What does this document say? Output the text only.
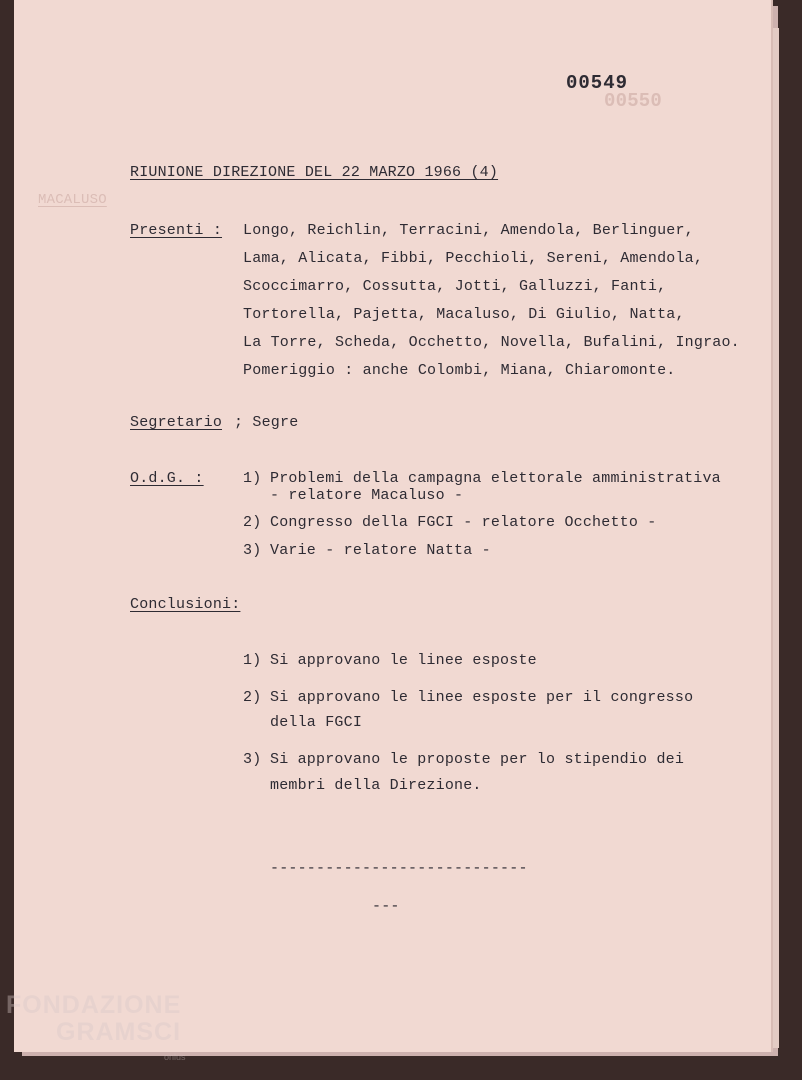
00550
MACALUSO
00549
RIUNIONE DIREZIONE DEL 22 MARZO 1966 (4)
Presenti : Longo, Reichlin, Terracini, Amendola, Berlinguer,
Lama, Alicata, Fibbi, Pecchioli, Sereni, Amendola,
Scoccimarro, Cossutta, Jotti, Galluzzi, Fanti,
Tortorella, Pajetta, Macaluso, Di Giulio, Natta,
La Torre, Scheda, Occhetto, Novella, Bufalini, Ingrao.
Pomeriggio : anche Colombi, Miana, Chiaromonte.
Segretario ; Segre
O.d.G. :	1) Problemi della campagna elettorale amministrativa
- relatore Macaluso -
2) Congresso della FGCI - relatore Occhetto -
3) Varie - relatore Natta -
Conclusioni:
1) Si approvano le linee esposte
2) Si approvano le linee esposte per il congresso
della FGCI
3) Si approvano le proposte per lo stipendio dei
membri della Direzione.
----------------------------
---
FONDAZIONE
GRAMSCI
onlus
